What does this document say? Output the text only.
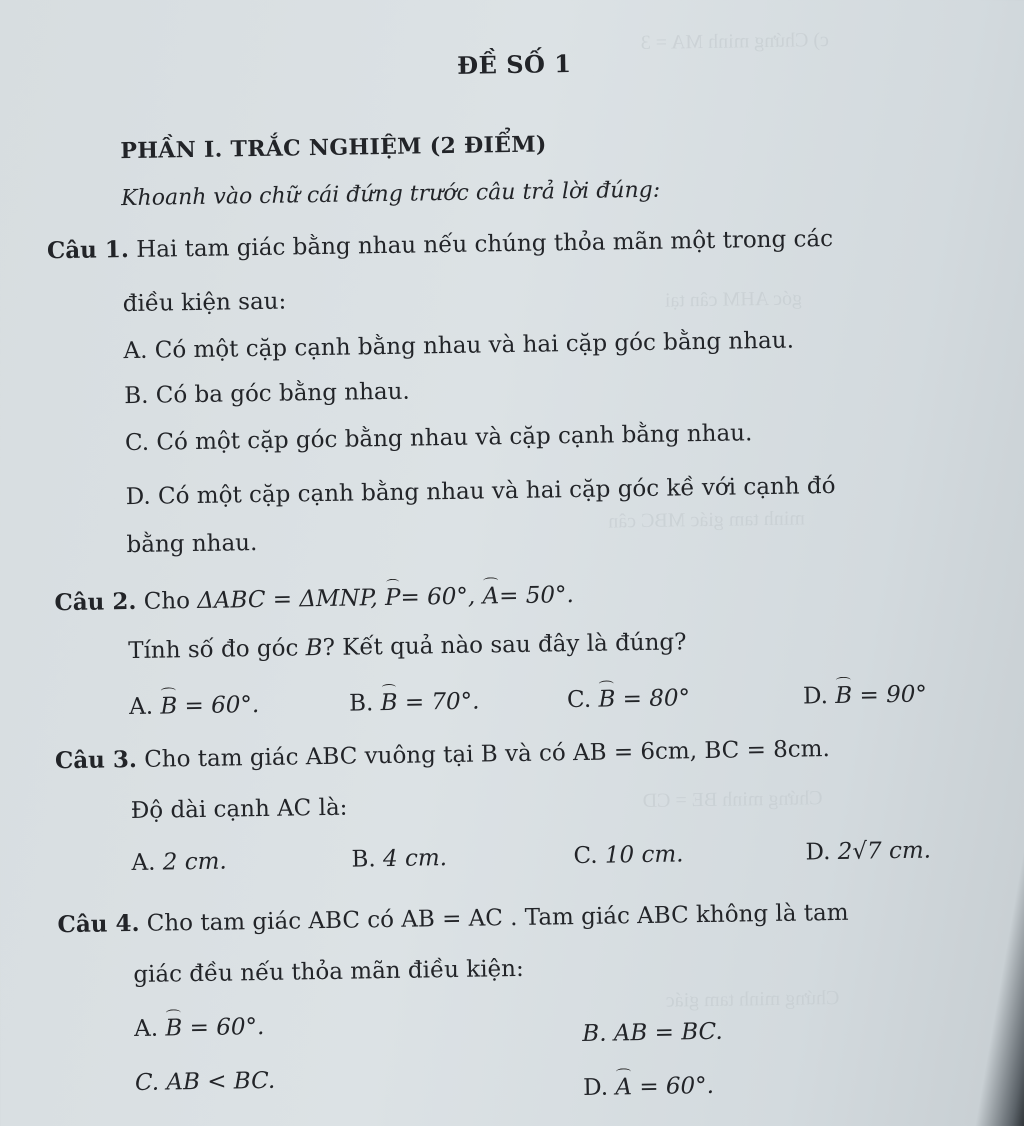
c) Chứng minh MA = 3
góc AHM cân tại
minh tam giác MBC cân
Chứng minh BE = CD
Chứng minh tam giác
ĐỀ SỐ 1
PHẦN I. TRẮC NGHIỆM (2 ĐIỂM)
Khoanh vào chữ cái đứng trước câu trả lời đúng:
Câu 1. Hai tam giác bằng nhau nếu chúng thỏa mãn một trong các
điều kiện sau:
A. Có một cặp cạnh bằng nhau và hai cặp góc bằng nhau.
B. Có ba góc bằng nhau.
C. Có một cặp góc bằng nhau và cặp cạnh bằng nhau.
D. Có một cặp cạnh bằng nhau và hai cặp góc kề với cạnh đó
bằng nhau.
Câu 2. Cho ΔABC = ΔMNP, P= 60°, A= 50°.
Tính số đo góc B? Kết quả nào sau đây là đúng?
A. B = 60°.	B. B = 70°.	C. B = 80°	D. B = 90°
Câu 3. Cho tam giác ABC vuông tại B và có AB = 6cm, BC = 8cm.
Độ dài cạnh AC là:
A. 2 cm.	B. 4 cm.	C. 10 cm.	D. 2√7 cm.
Câu 4. Cho tam giác ABC có AB = AC . Tam giác ABC không là tam
giác đều nếu thỏa mãn điều kiện:
A. B = 60°.	B. AB = BC.
C. AB < BC.	D. A = 60°.
